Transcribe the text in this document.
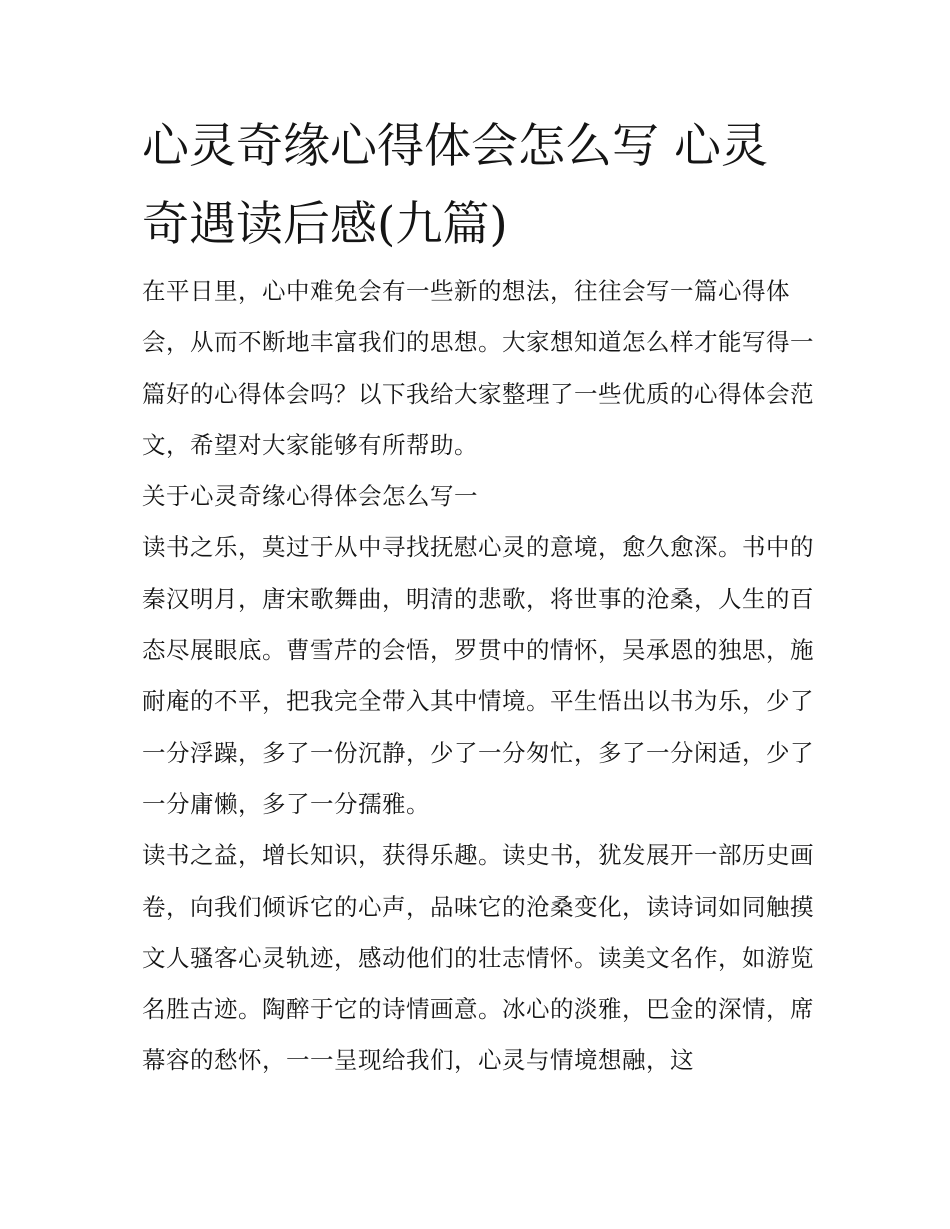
心灵奇缘心得体会怎么写 心灵奇遇读后感(九篇)

在平日里，心中难免会有一些新的想法，往往会写一篇心得体会，从而不断地丰富我们的思想。大家想知道怎么样才能写得一篇好的心得体会吗？以下我给大家整理了一些优质的心得体会范文，希望对大家能够有所帮助。

关于心灵奇缘心得体会怎么写一

读书之乐，莫过于从中寻找抚慰心灵的意境，愈久愈深。书中的秦汉明月，唐宋歌舞曲，明清的悲歌，将世事的沧桑，人生的百态尽展眼底。曹雪芹的会悟，罗贯中的情怀，吴承恩的独思，施耐庵的不平，把我完全带入其中情境。平生悟出以书为乐，少了一分浮躁，多了一份沉静，少了一分匆忙，多了一分闲适，少了一分庸懒，多了一分孺雅。

读书之益，增长知识，获得乐趣。读史书，犹发展开一部历史画卷，向我们倾诉它的心声，品味它的沧桑变化，读诗词如同触摸文人骚客心灵轨迹，感动他们的壮志情怀。读美文名作，如游览名胜古迹。陶醉于它的诗情画意。冰心的淡雅，巴金的深情，席幕容的愁怀，一一呈现给我们，心灵与情境想融，这
